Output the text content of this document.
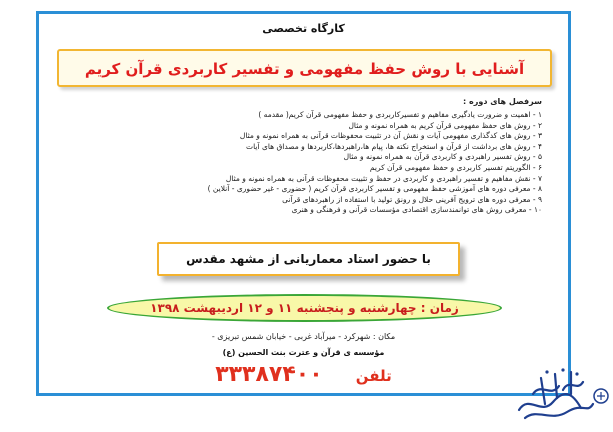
کارگاه تخصصی
آشنایی با روش حفظ مفهومی و تفسیر کاربردی قرآن کریم
سرفصل های دوره :
۱ - اهمیت و ضرورت یادگیری مفاهیم و تفسیرکاربردی و حفظ مفهومی قرآن کریم( مقدمه )
۲ - روش های حفظ مفهومی قرآن کریم به همراه نمونه و مثال
۳ - روش های کدگذاری مفهومی آیات و نقش آن در تثبیت محفوظات قرآنی به همراه نمونه و مثال
۴ - روش های برداشت از قرآن و استخراج نکته ها، پیام ها،راهبردها،کاربردها و مصداق های آیات
۵ - روش تفسیر راهبردی و کاربردی قرآن به همراه نمونه و مثال
۶ - الگوریتم تفسیر کاربردی و حفظ مفهومی قرآن کریم
۷ - نقش مفاهیم و تفسیر راهبردی و کاربردی در حفظ و تثبیت محفوظات قرآنی به همراه نمونه و مثال
۸ - معرفی دوره های آموزشی حفظ مفهومی و تفسیر کاربردی قرآن کریم ( حضوری - غیر حضوری - آنلاین )
۹ - معرفی دوره های ترویج آفرینی حلال و رونق تولید با استفاده از راهبردهای قرآنی
۱۰ - معرفی روش های توانمندسازی اقتصادی مؤسسات قرآنی و فرهنگی و هنری
با حضور استاد معماریانی از مشهد مقدس
زمان : چهارشنبه و پنجشنبه ۱۱ و ۱۲ اردیبهشت ۱۳۹۸
مکان : شهرکرد - میرآباد غربی - خیابان شمس تبریزی -
مؤسسه ی قرآن و عترت بنت الحسین (ع)
تلفن ۳۳۳۸۷۴۰۰
